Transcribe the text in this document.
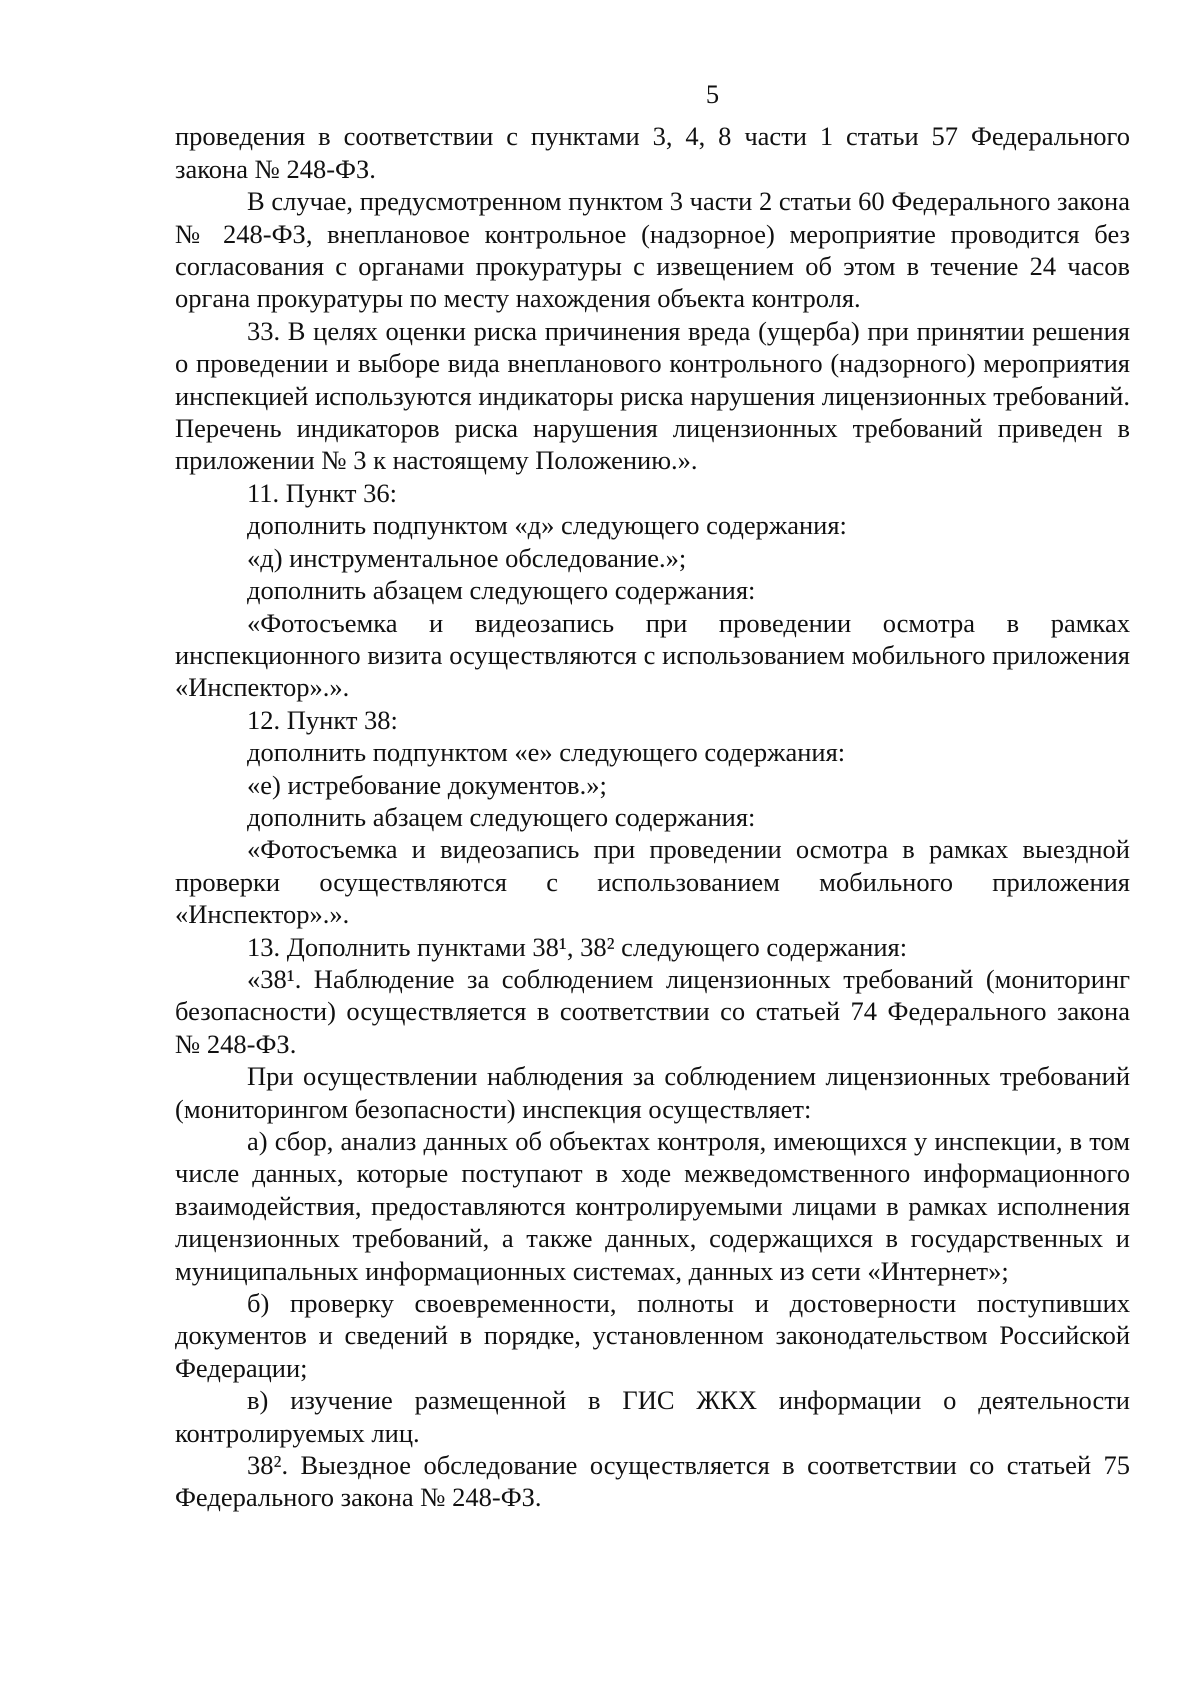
5

проведения в соответствии с пунктами 3, 4, 8 части 1 статьи 57 Федерального закона № 248-ФЗ.

В случае, предусмотренном пунктом 3 части 2 статьи 60 Федерального закона № 248-ФЗ, внеплановое контрольное (надзорное) мероприятие проводится без согласования с органами прокуратуры с извещением об этом в течение 24 часов органа прокуратуры по месту нахождения объекта контроля.

33. В целях оценки риска причинения вреда (ущерба) при принятии решения о проведении и выборе вида внепланового контрольного (надзорного) мероприятия инспекцией используются индикаторы риска нарушения лицензионных требований. Перечень индикаторов риска нарушения лицензионных требований приведен в приложении № 3 к настоящему Положению.».

11. Пункт 36:

дополнить подпунктом «д» следующего содержания:

«д) инструментальное обследование.»;

дополнить абзацем следующего содержания:

«Фотосъемка и видеозапись при проведении осмотра в рамках инспекционного визита осуществляются с использованием мобильного приложения «Инспектор».».

12. Пункт 38:

дополнить подпунктом «е» следующего содержания:

«е) истребование документов.»;

дополнить абзацем следующего содержания:

«Фотосъемка и видеозапись при проведении осмотра в рамках выездной проверки осуществляются с использованием мобильного приложения «Инспектор».».

13. Дополнить пунктами 38¹, 38² следующего содержания:

«38¹. Наблюдение за соблюдением лицензионных требований (мониторинг безопасности) осуществляется в соответствии со статьей 74 Федерального закона № 248-ФЗ.

При осуществлении наблюдения за соблюдением лицензионных требований (мониторингом безопасности) инспекция осуществляет:

а) сбор, анализ данных об объектах контроля, имеющихся у инспекции, в том числе данных, которые поступают в ходе межведомственного информационного взаимодействия, предоставляются контролируемыми лицами в рамках исполнения лицензионных требований, а также данных, содержащихся в государственных и муниципальных информационных системах, данных из сети «Интернет»;

б) проверку своевременности, полноты и достоверности поступивших документов и сведений в порядке, установленном законодательством Российской Федерации;

в) изучение размещенной в ГИС ЖКХ информации о деятельности контролируемых лиц.

38². Выездное обследование осуществляется в соответствии со статьей 75 Федерального закона № 248-ФЗ.
